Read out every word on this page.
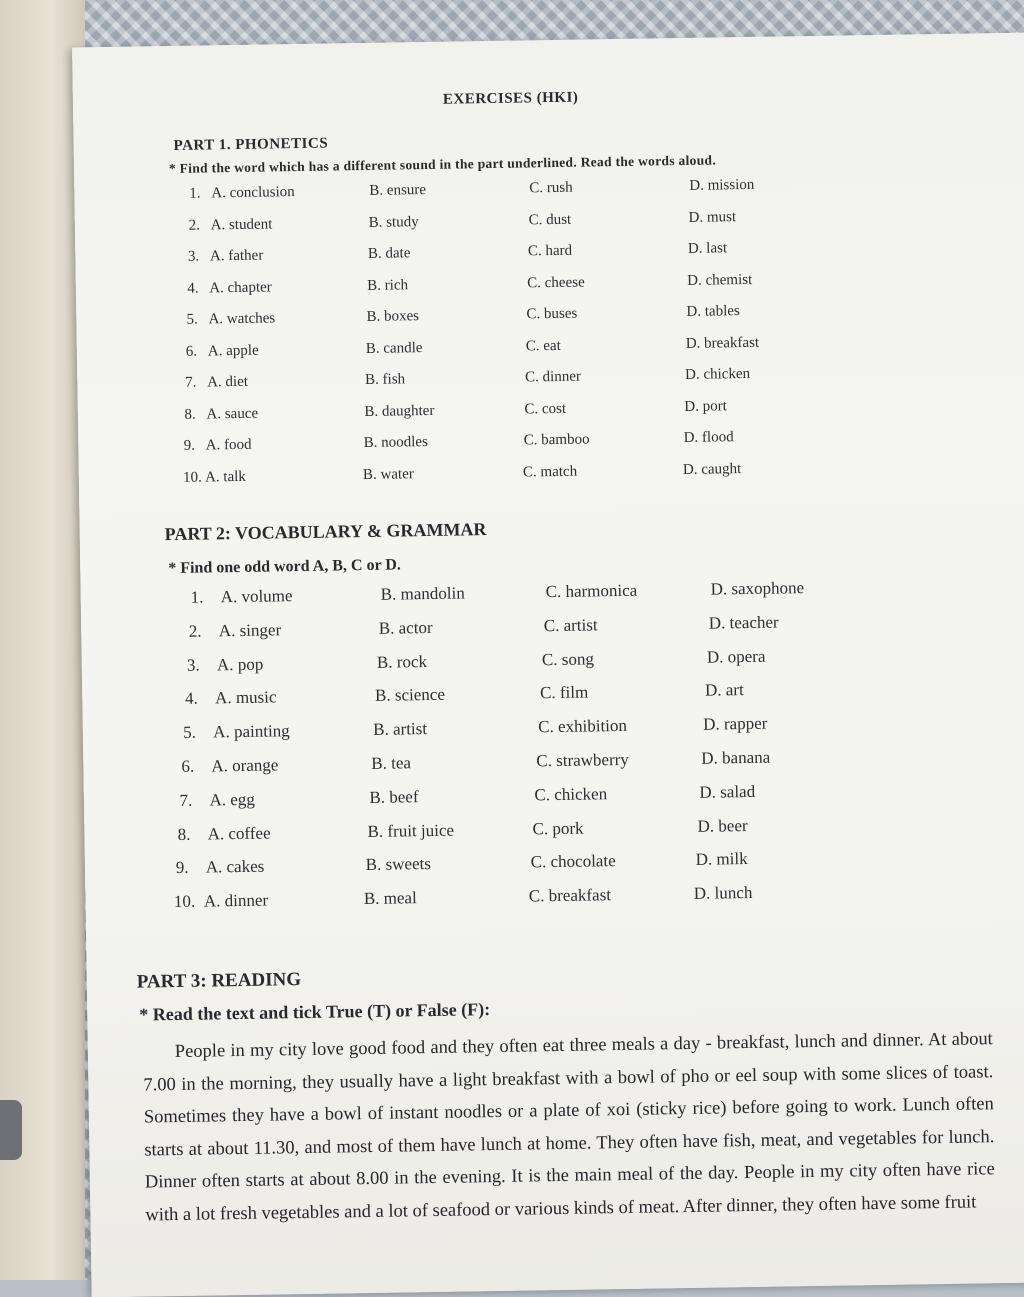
EXERCISES (HKI)
PART 1. PHONETICS
* Find the word which has a different sound in the part underlined. Read the words aloud.
1. A. conclusion	B. ensure	C. rush	D. mission
2. A. student	B. study	C. dust	D. must
3. A. father	B. date	C. hard	D. last
4. A. chapter	B. rich	C. cheese	D. chemist
5. A. watches	B. boxes	C. buses	D. tables
6. A. apple	B. candle	C. eat	D. breakfast
7. A. diet	B. fish	C. dinner	D. chicken
8. A. sauce	B. daughter	C. cost	D. port
9. A. food	B. noodles	C. bamboo	D. flood
10. A. talk	B. water	C. match	D. caught
PART 2: VOCABULARY & GRAMMAR
* Find one odd word A, B, C or D.
1. A. volume	B. mandolin	C. harmonica	D. saxophone
2. A. singer	B. actor	C. artist	D. teacher
3. A. pop	B. rock	C. song	D. opera
4. A. music	B. science	C. film	D. art
5. A. painting	B. artist	C. exhibition	D. rapper
6. A. orange	B. tea	C. strawberry	D. banana
7. A. egg	B. beef	C. chicken	D. salad
8. A. coffee	B. fruit juice	C. pork	D. beer
9. A. cakes	B. sweets	C. chocolate	D. milk
10. A. dinner	B. meal	C. breakfast	D. lunch
PART 3: READING
* Read the text and tick True (T) or False (F):
People in my city love good food and they often eat three meals a day - breakfast, lunch and dinner. At about 7.00 in the morning, they usually have a light breakfast with a bowl of pho or eel soup with some slices of toast. Sometimes they have a bowl of instant noodles or a plate of xoi (sticky rice) before going to work. Lunch often starts at about 11.30, and most of them have lunch at home. They often have fish, meat, and vegetables for lunch. Dinner often starts at about 8.00 in the evening. It is the main meal of the day. People in my city often have rice with a lot fresh vegetables and a lot of seafood or various kinds of meat. After dinner, they often have some fruit
